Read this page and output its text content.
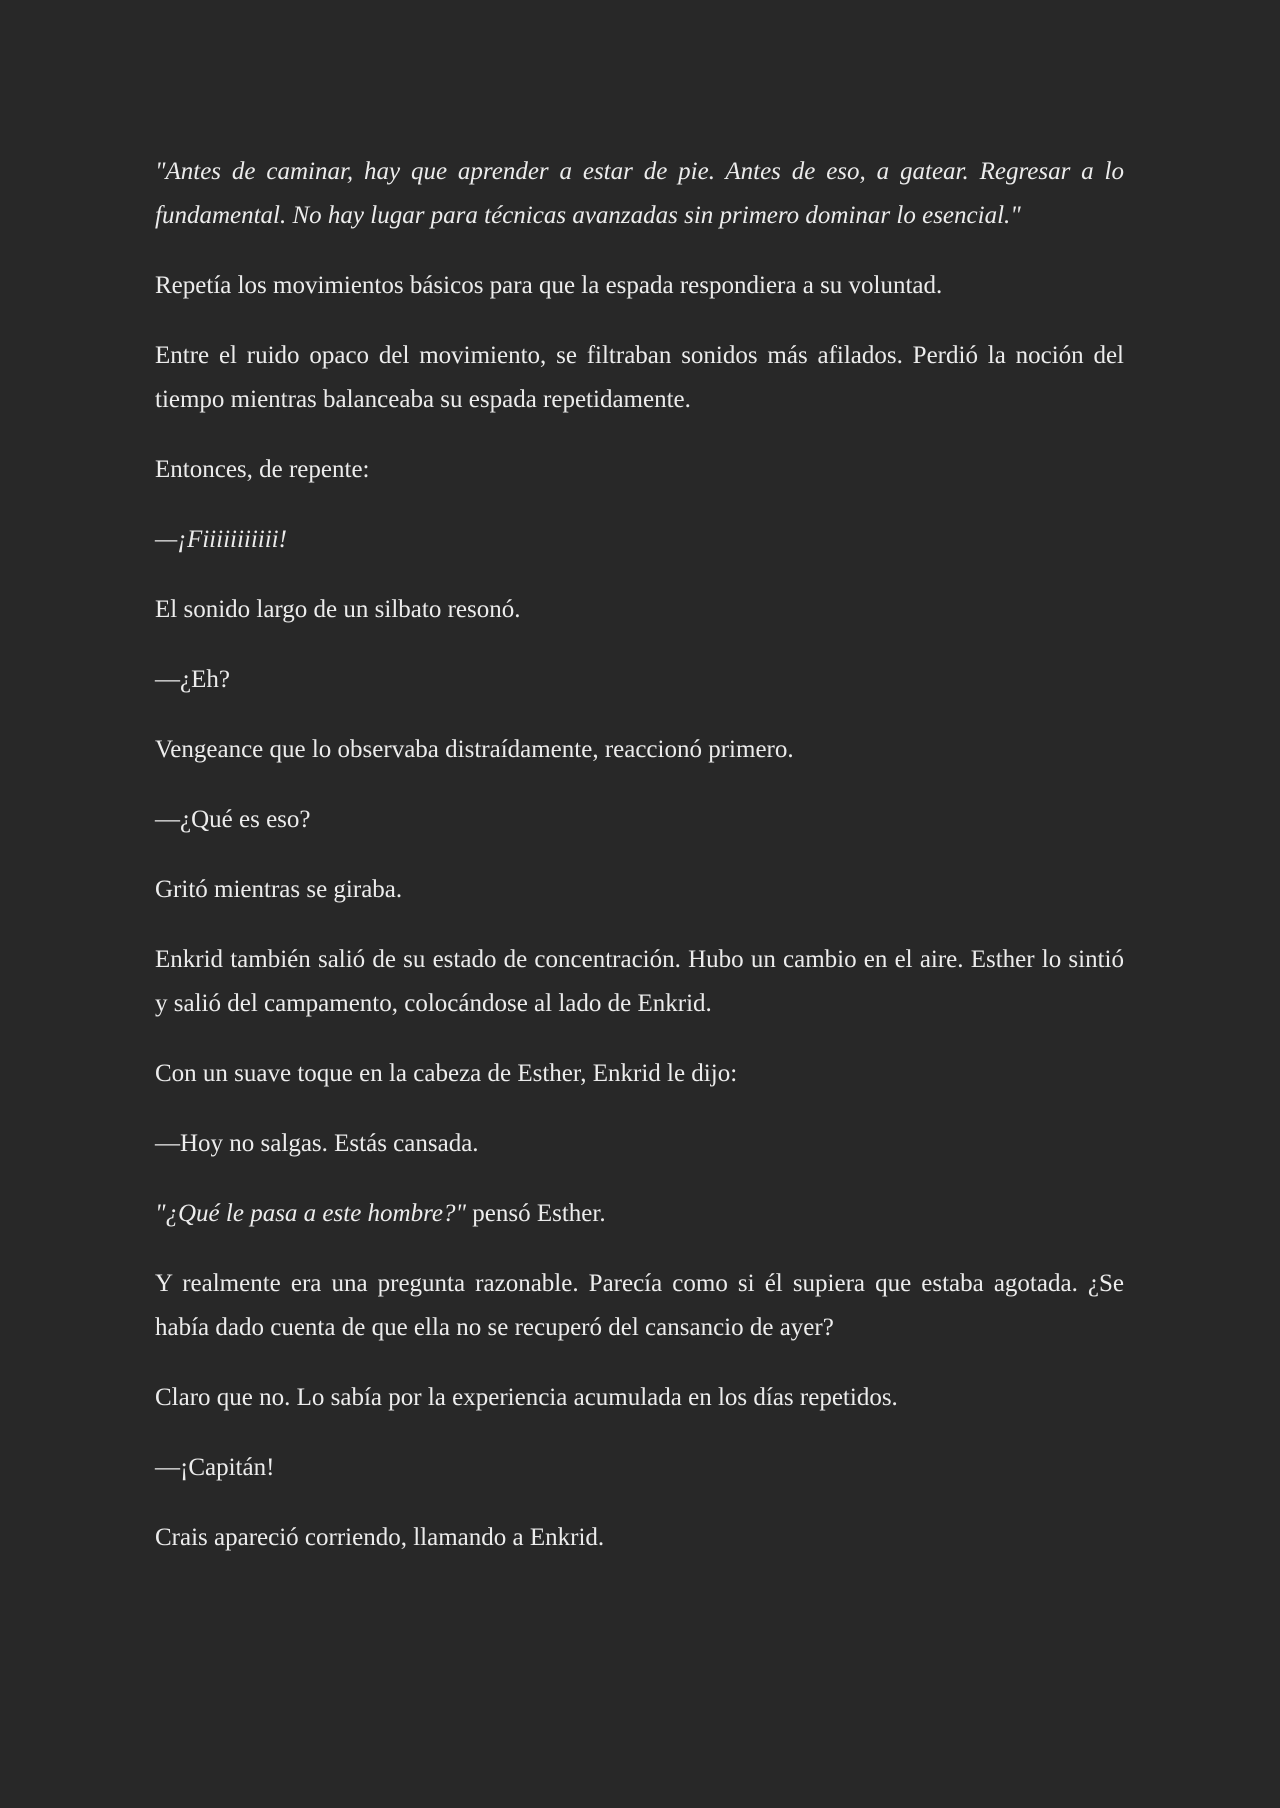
"Antes de caminar, hay que aprender a estar de pie. Antes de eso, a gatear. Regresar a lo fundamental. No hay lugar para técnicas avanzadas sin primero dominar lo esencial."

Repetía los movimientos básicos para que la espada respondiera a su voluntad.

Entre el ruido opaco del movimiento, se filtraban sonidos más afilados. Perdió la noción del tiempo mientras balanceaba su espada repetidamente.

Entonces, de repente:

—¡Fiiiiiiiiiii!

El sonido largo de un silbato resonó.

—¿Eh?

Vengeance que lo observaba distraídamente, reaccionó primero.

—¿Qué es eso?

Gritó mientras se giraba.

Enkrid también salió de su estado de concentración. Hubo un cambio en el aire. Esther lo sintió y salió del campamento, colocándose al lado de Enkrid.

Con un suave toque en la cabeza de Esther, Enkrid le dijo:

—Hoy no salgas. Estás cansada.

"¿Qué le pasa a este hombre?" pensó Esther.

Y realmente era una pregunta razonable. Parecía como si él supiera que estaba agotada. ¿Se había dado cuenta de que ella no se recuperó del cansancio de ayer?

Claro que no. Lo sabía por la experiencia acumulada en los días repetidos.

—¡Capitán!

Crais apareció corriendo, llamando a Enkrid.
